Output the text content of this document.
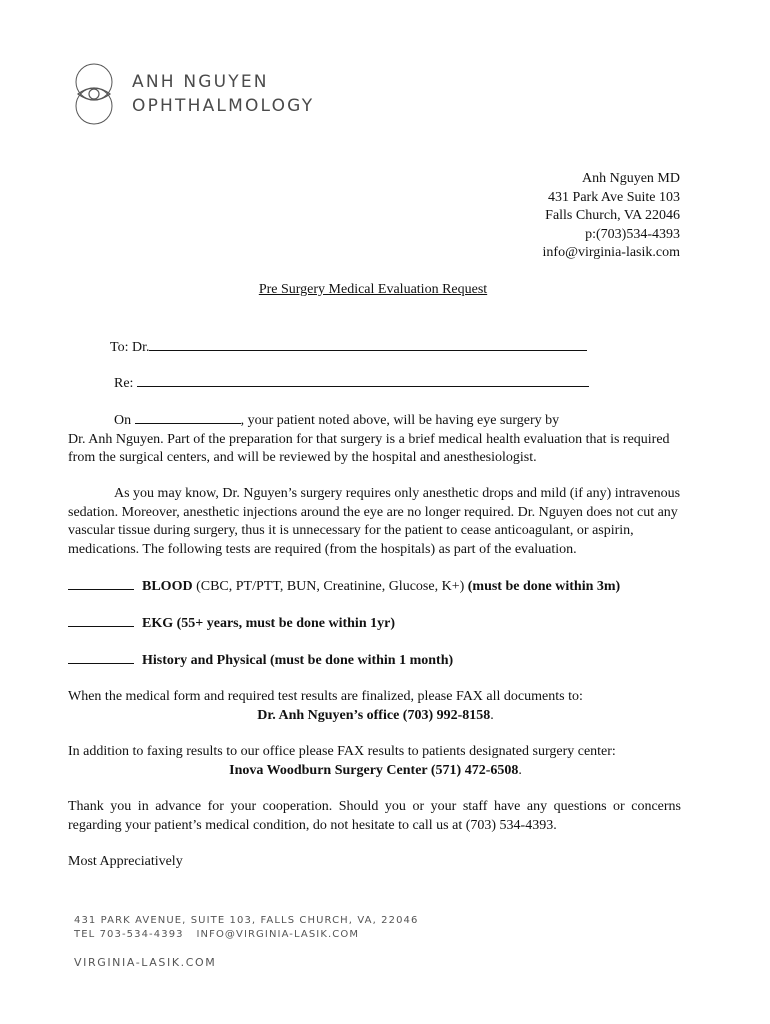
ANH NGUYEN
OPHTHALMOLOGY
Anh Nguyen MD
431 Park Ave Suite 103
Falls Church, VA 22046
p:(703)534-4393
info@virginia-lasik.com
Pre Surgery Medical Evaluation Request
To: Dr.
Re:
On	, your patient noted above, will be having eye surgery by
Dr. Anh Nguyen. Part of the preparation for that surgery is a brief medical health evaluation that is required from the surgical centers, and will be reviewed by the hospital and anesthesiologist.
As you may know, Dr. Nguyen’s surgery requires only anesthetic drops and mild (if any) intravenous sedation. Moreover, anesthetic injections around the eye are no longer required. Dr. Nguyen does not cut any vascular tissue during surgery, thus it is unnecessary for the patient to cease anticoagulant, or aspirin, medications. The following tests are required (from the hospitals) as part of the evaluation.
BLOOD (CBC, PT/PTT, BUN, Creatinine, Glucose, K+) (must be done within 3m)
EKG (55+ years, must be done within 1yr)
History and Physical (must be done within 1 month)
When the medical form and required test results are finalized, please FAX all documents to:
Dr. Anh Nguyen’s office (703) 992-8158.
In addition to faxing results to our office please FAX results to patients designated surgery center:
Inova Woodburn Surgery Center (571) 472-6508.
Thank you in advance for your cooperation. Should you or your staff have any questions or concerns regarding your patient’s medical condition, do not hesitate to call us at (703) 534-4393.
Most Appreciatively
431 PARK AVENUE, SUITE 103, FALLS CHURCH, VA, 22046
TEL 703-534-4393 INFO@VIRGINIA-LASIK.COM
VIRGINIA-LASIK.COM
